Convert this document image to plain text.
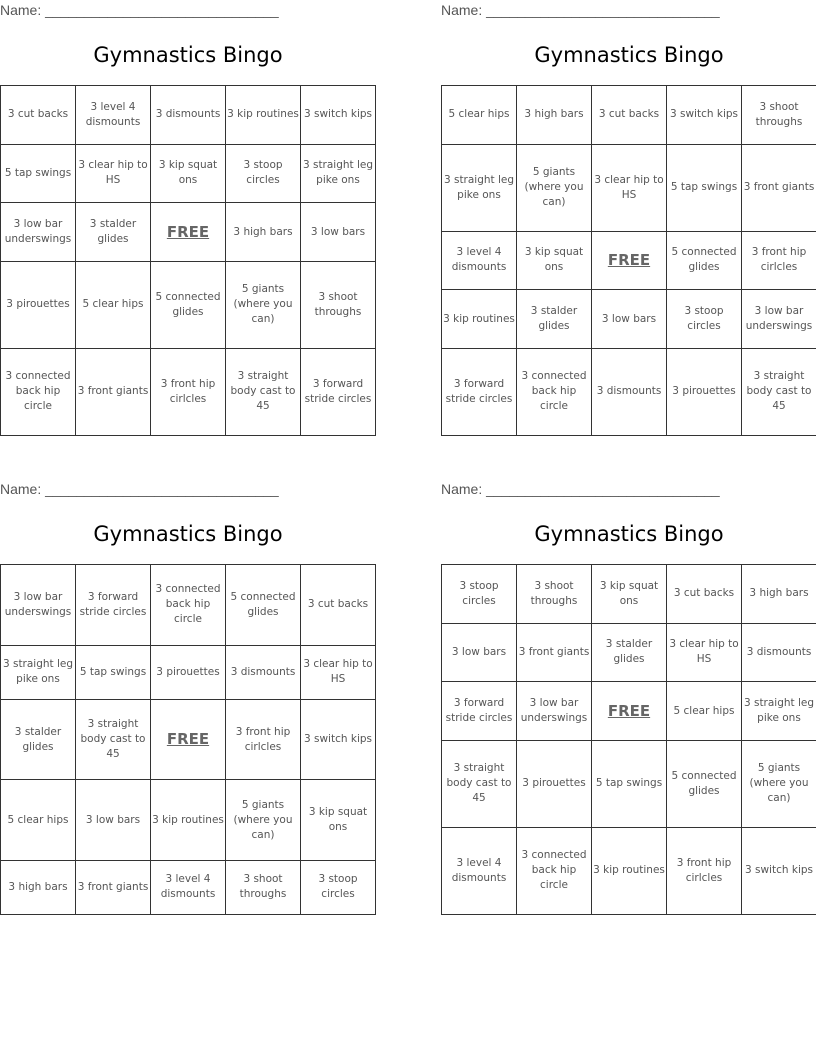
Name: ______________________________
Gymnastics Bingo
3 cut backs	3 level 4 dismounts	3 dismounts	3 kip routines	3 switch kips
5 tap swings	3 clear hip to HS	3 kip squat ons	3 stoop circles	3 straight leg pike ons
3 low bar underswings	3 stalder glides	FREE	3 high bars	3 low bars
3 pirouettes	5 clear hips	5 connected glides	5 giants (where you can)	3 shoot throughs
3 connected back hip circle	3 front giants	3 front hip cirlcles	3 straight body cast to 45	3 forward stride circles
Name: ______________________________
Gymnastics Bingo
5 clear hips	3 high bars	3 cut backs	3 switch kips	3 shoot throughs
3 straight leg pike ons	5 giants (where you can)	3 clear hip to HS	5 tap swings	3 front giants
3 level 4 dismounts	3 kip squat ons	FREE	5 connected glides	3 front hip cirlcles
3 kip routines	3 stalder glides	3 low bars	3 stoop circles	3 low bar underswings
3 forward stride circles	3 connected back hip circle	3 dismounts	3 pirouettes	3 straight body cast to 45
Name: ______________________________
Gymnastics Bingo
3 low bar underswings	3 forward stride circles	3 connected back hip circle	5 connected glides	3 cut backs
3 straight leg pike ons	5 tap swings	3 pirouettes	3 dismounts	3 clear hip to HS
3 stalder glides	3 straight body cast to 45	FREE	3 front hip cirlcles	3 switch kips
5 clear hips	3 low bars	3 kip routines	5 giants (where you can)	3 kip squat ons
3 high bars	3 front giants	3 level 4 dismounts	3 shoot throughs	3 stoop circles
Name: ______________________________
Gymnastics Bingo
3 stoop circles	3 shoot throughs	3 kip squat ons	3 cut backs	3 high bars
3 low bars	3 front giants	3 stalder glides	3 clear hip to HS	3 dismounts
3 forward stride circles	3 low bar underswings	FREE	5 clear hips	3 straight leg pike ons
3 straight body cast to 45	3 pirouettes	5 tap swings	5 connected glides	5 giants (where you can)
3 level 4 dismounts	3 connected back hip circle	3 kip routines	3 front hip cirlcles	3 switch kips
